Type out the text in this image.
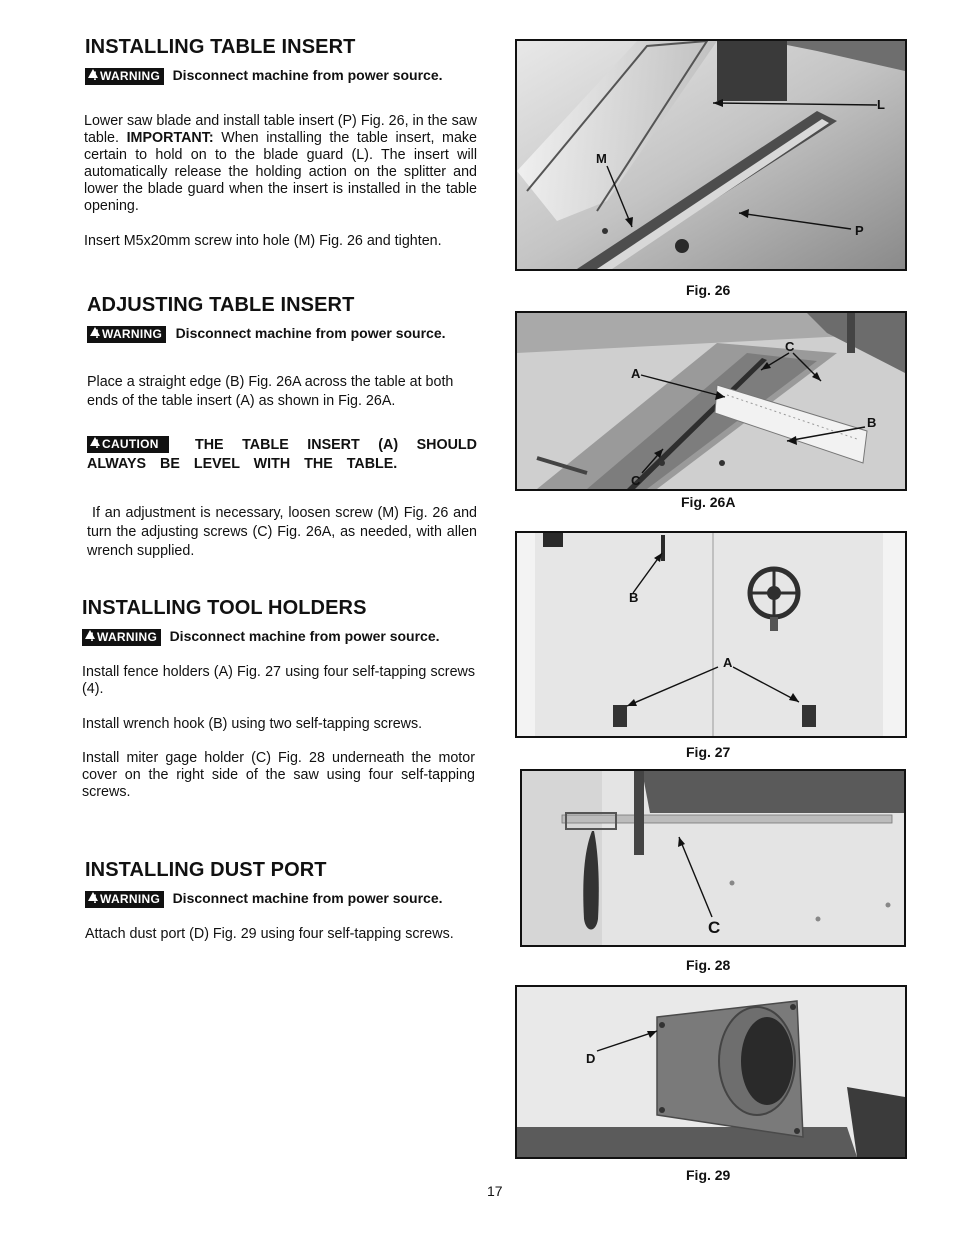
INSTALLING TABLE INSERT
!WARNING Disconnect machine from power source.
Lower saw blade and install table insert (P) Fig. 26, in the saw table. IMPORTANT: When installing the table insert, make certain to hold on to the blade guard (L). The insert will automatically release the holding action on the splitter and lower the blade guard when the insert is installed in the table opening.
Insert M5x20mm screw into hole (M) Fig. 26 and tighten.
ADJUSTING TABLE INSERT
!WARNING Disconnect machine from power source.
Place a straight edge (B) Fig. 26A across the table at both ends of the table insert (A) as shown in Fig. 26A.
!CAUTION	THE TABLE INSERT (A) SHOULD ALWAYS BE LEVEL WITH THE TABLE.
If an adjustment is necessary, loosen screw (M) Fig. 26 and turn the adjusting screws (C) Fig. 26A, as needed, with allen wrench supplied.
INSTALLING TOOL HOLDERS
!WARNING Disconnect machine from power source.
Install fence holders (A) Fig. 27 using four self-tapping screws (4).
Install wrench hook (B) using two self-tapping screws.
Install miter gage holder (C) Fig. 28 underneath the motor cover on the right side of the saw using four self-tapping screws.
INSTALLING DUST PORT
!WARNING Disconnect machine from power source.
Attach dust port (D) Fig. 29 using four self-tapping screws.
L
M
P
Fig. 26
A
C
B
C
Fig. 26A
B
A
Fig. 27
C
Fig. 28
D
Fig. 29
17
